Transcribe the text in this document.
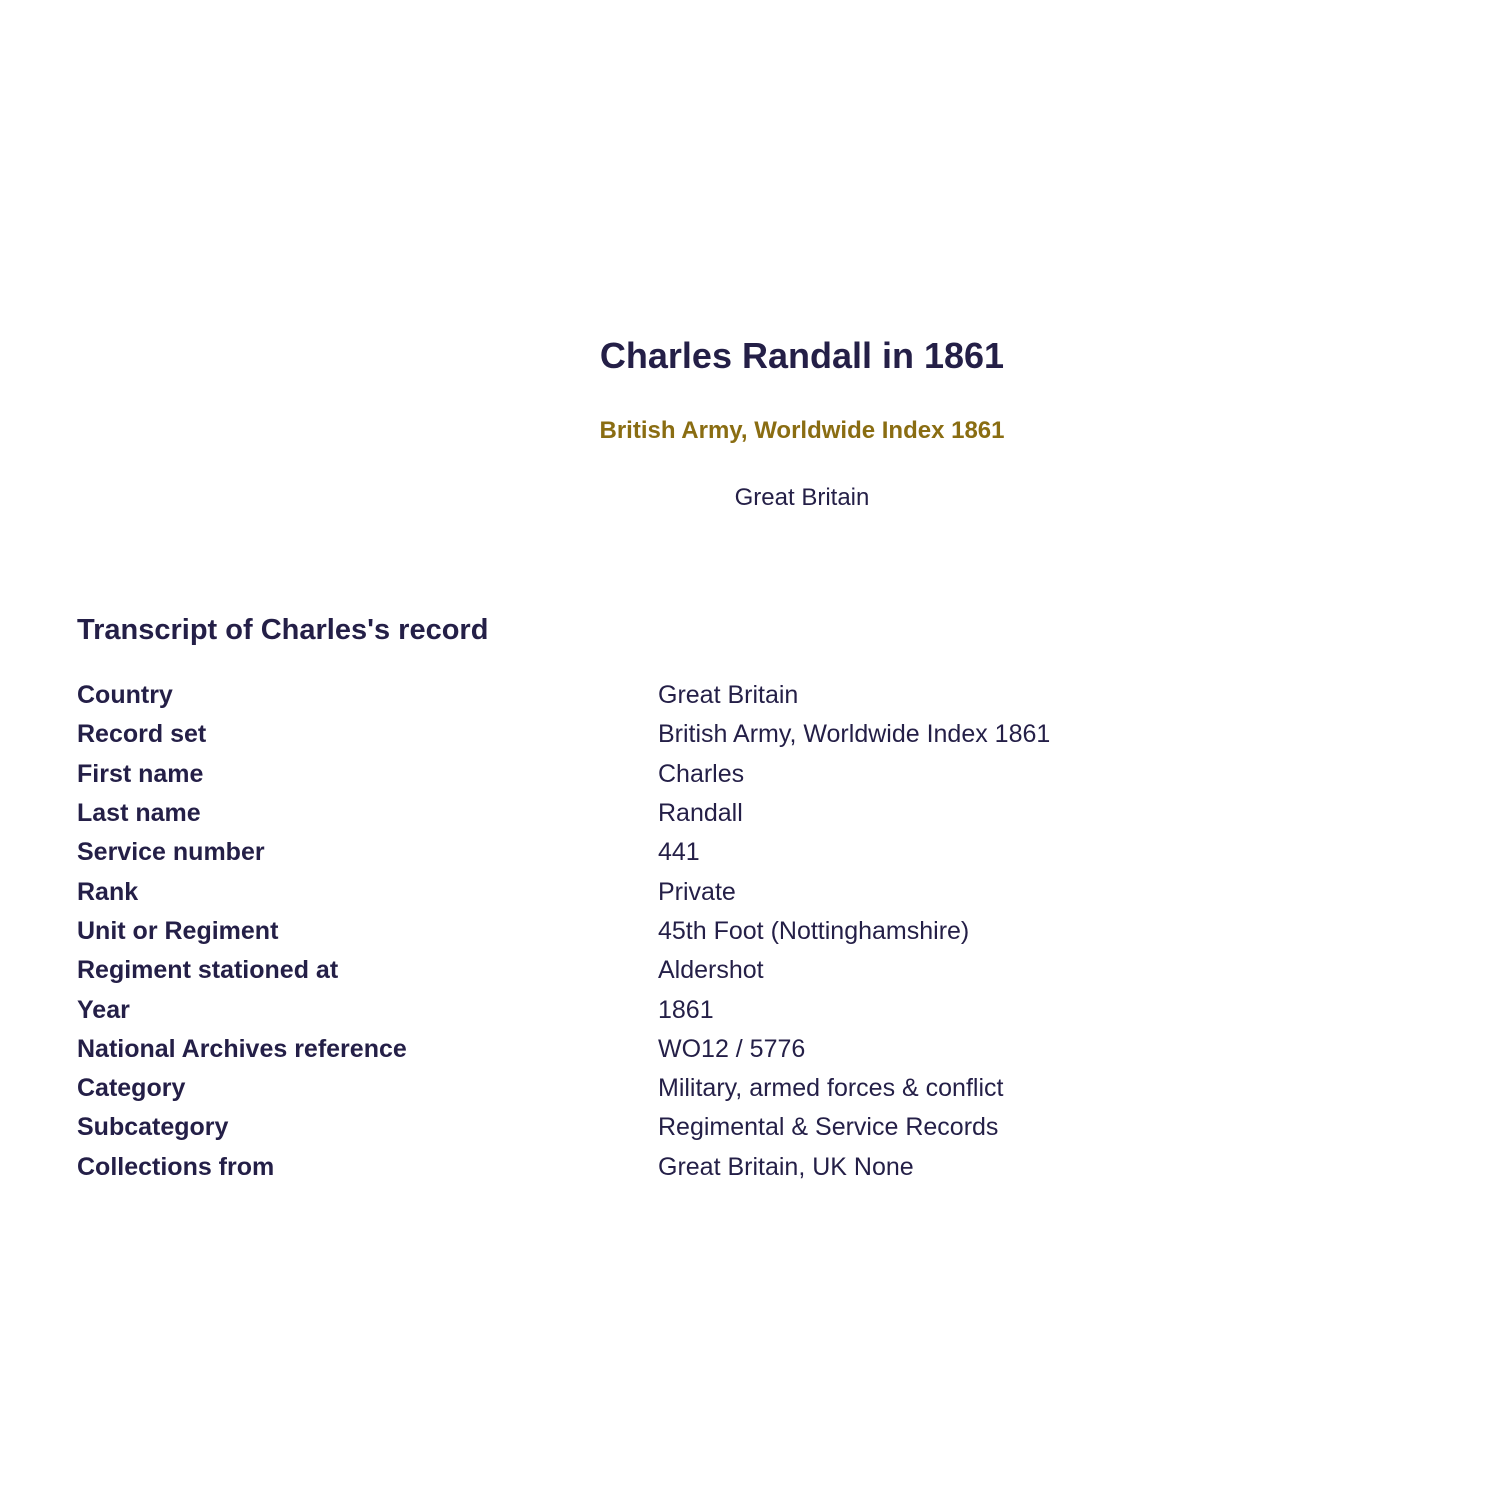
Charles Randall in 1861
British Army, Worldwide Index 1861

Great Britain

Transcript of Charles's record
Country	Great Britain
Record set	British Army, Worldwide Index 1861
First name	Charles
Last name	Randall
Service number	441
Rank	Private
Unit or Regiment	45th Foot (Nottinghamshire)
Regiment stationed at	Aldershot
Year	1861
National Archives reference	WO12 / 5776
Category	Military, armed forces & conflict
Subcategory	Regimental & Service Records
Collections from	Great Britain, UK None
